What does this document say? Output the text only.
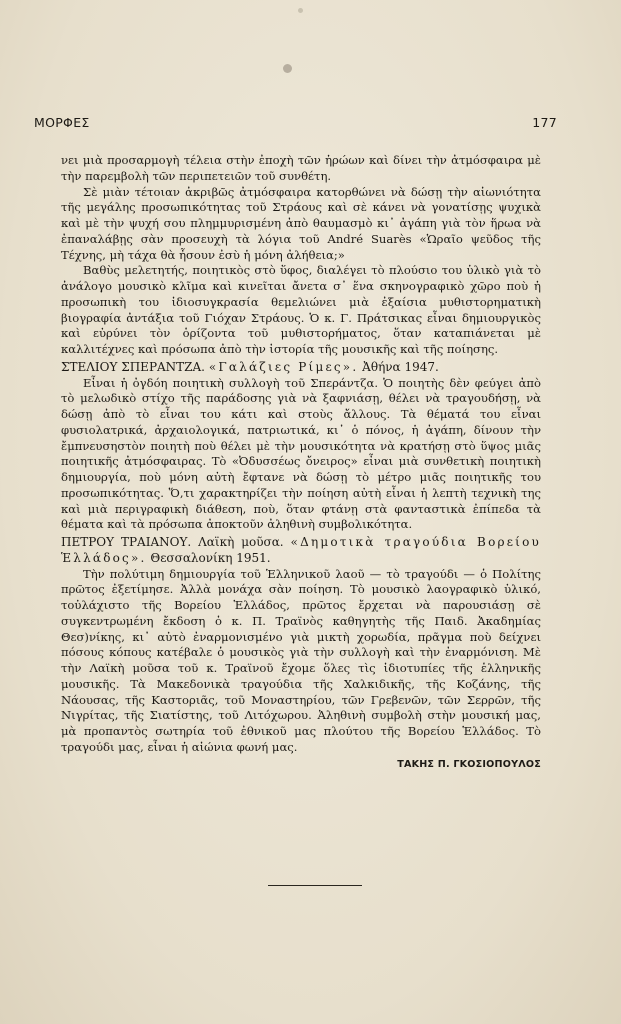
ΜΟΡΦΕΣ	177

νει μιὰ προσαρμογὴ τέλεια στὴν ἐποχὴ τῶν ἡρώων καὶ δίνει τὴν ἀτμόσφαιρα μὲ τὴν παρεμβολὴ τῶν περιπετειῶν τοῦ συνθέτη.

Σὲ μιὰν τέτοιαν ἀκριβῶς ἀτμόσφαιρα κατορθώνει νὰ δώσῃ τὴν αἰωνιότητα τῆς μεγάλης προσωπικότητας τοῦ Στράους καὶ σὲ κάνει νὰ γονατίσῃς ψυχικὰ καὶ μὲ τὴν ψυχή σου πλημμυρισμένη ἀπὸ θαυμασμὸ κι᾿ ἀγάπη γιὰ τὸν ἥρωα νὰ ἐπαναλάβῃς σὰν προσευχὴ τὰ λόγια τοῦ André Suarès «Ὡραῖο ψεῦδος τῆς Τέχνης, μὴ τάχα θὰ ἦσουν ἐσὺ ἡ μόνη ἀλήθεια;»

Βαθὺς μελετητής, ποιητικὸς στὸ ὕφος, διαλέγει τὸ πλούσιο του ὑλικὸ γιὰ τὸ ἀνάλογο μουσικὸ κλῖμα καὶ κινεῖται ἄνετα σ᾿ ἕνα σκηνογραφικὸ χῶρο ποὺ ἡ προσωπικὴ του ἰδιοσυγκρασία θεμελιώνει μιὰ ἐξαίσια μυθιστορηματικὴ βιογραφία ἀντάξια τοῦ Γιόχαν Στράους. Ὁ κ. Γ. Πράτσικας εἶναι δημιουργικὸς καὶ εὐρύνει τὸν ὁρίζοντα τοῦ μυθιστορήματος, ὅταν καταπιάνεται μὲ καλλιτέχνες καὶ πρόσωπα ἀπὸ τὴν ἱστορία τῆς μουσικῆς καὶ τῆς ποίησης.

ΣΤΕΛΙΟΥ ΣΠΕΡΑΝΤΖΑ. «Γαλάζιες Ρίμες». Ἀθήνα 1947.

Εἶναι ἡ ὀγδόη ποιητικὴ συλλογὴ τοῦ Σπεράντζα. Ὁ ποιητὴς δὲν φεύγει ἀπὸ τὸ μελωδικὸ στίχο τῆς παράδοσης γιὰ νὰ ξαφνιάσῃ, θέλει νὰ τραγουδήσῃ, νὰ δώσῃ ἀπὸ τὸ εἶναι του κάτι καὶ στοὺς ἄλλους. Τὰ θέματά του εἶναι φυσιολατρικά, ἀρχαιολογικά, πατριωτικά, κι᾿ ὁ πόνος, ἡ ἀγάπη, δίνουν τὴν ἔμπνευσηστὸν ποιητὴ ποὺ θέλει μὲ τὴν μουσικότητα νὰ κρατήσῃ στὸ ὕψος μιᾶς ποιητικῆς ἀτμόσφαιρας. Τὸ «Ὀδυσσέως ὄνειρος» εἶναι μιὰ συνθετικὴ ποιητικὴ δημιουργία, ποὺ μόνη αὐτὴ ἔφτανε νὰ δώσῃ τὸ μέτρο μιᾶς ποιητικῆς του προσωπικότητας. Ὅ,τι χαρακτηρίζει τὴν ποίηση αὐτὴ εἶναι ἡ λεπτὴ τεχνικὴ της καὶ μιὰ περιγραφικὴ διάθεση, ποὺ, ὅταν φτάνῃ στὰ φανταστικὰ ἐπίπεδα τὰ θέματα καὶ τὰ πρόσωπα ἀποκτοῦν ἀληθινὴ συμβολικότητα.

ΠΕΤΡΟΥ ΤΡΑΙΑΝΟΥ. Λαϊκὴ μοῦσα. «Δημοτικὰ τραγούδια Βορείου Ἑλλάδος». Θεσσαλονίκη 1951.

Τὴν πολύτιμη δημιουργία τοῦ Ἑλληνικοῦ λαοῦ — τὸ τραγούδι — ὁ Πολίτης πρῶτος ἐξετίμησε. Ἀλλὰ μονάχα σὰν ποίηση. Τὸ μουσικὸ λαογραφικὸ ὑλικό, τοὐλάχιστο τῆς Βορείου Ἑλλάδος, πρῶτος ἔρχεται νὰ παρουσιάσῃ σὲ συγκεντρωμένη ἔκδοση ὁ κ. Π. Τραϊνὸς καθηγητὴς τῆς Παιδ. Ἀκαδημίας Θεσ)νίκης, κι᾿ αὐτὸ ἐναρμονισμένο γιὰ μικτὴ χορωδία, πρᾶγμα ποὺ δείχνει πόσους κόπους κατέβαλε ὁ μουσικὸς γιὰ τὴν συλλογὴ καὶ τὴν ἐναρμόνιση. Μὲ τὴν Λαϊκὴ μοῦσα τοῦ κ. Τραϊνοῦ ἔχομε ὅλες τὶς ἰδιοτυπίες τῆς ἑλληνικῆς μουσικῆς. Τὰ Μακεδονικὰ τραγούδια τῆς Χαλκιδικῆς, τῆς Κοζάνης, τῆς Νάουσας, τῆς Καστοριᾶς, τοῦ Μοναστηρίου, τῶν Γρεβενῶν, τῶν Σερρῶν, τῆς Νιγρίτας, τῆς Σιατίστης, τοῦ Λιτόχωρου. Ἀληθινὴ συμβολὴ στὴν μουσική μας, μὰ προπαντὸς σωτηρία τοῦ ἐθνικοῦ μας πλούτου τῆς Βορείου Ἑλλάδος. Τὸ τραγούδι μας, εἶναι ἡ αἰώνια φωνή μας.

ΤΑΚΗΣ Π. ΓΚΟΣΙΟΠΟΥΛΟΣ
